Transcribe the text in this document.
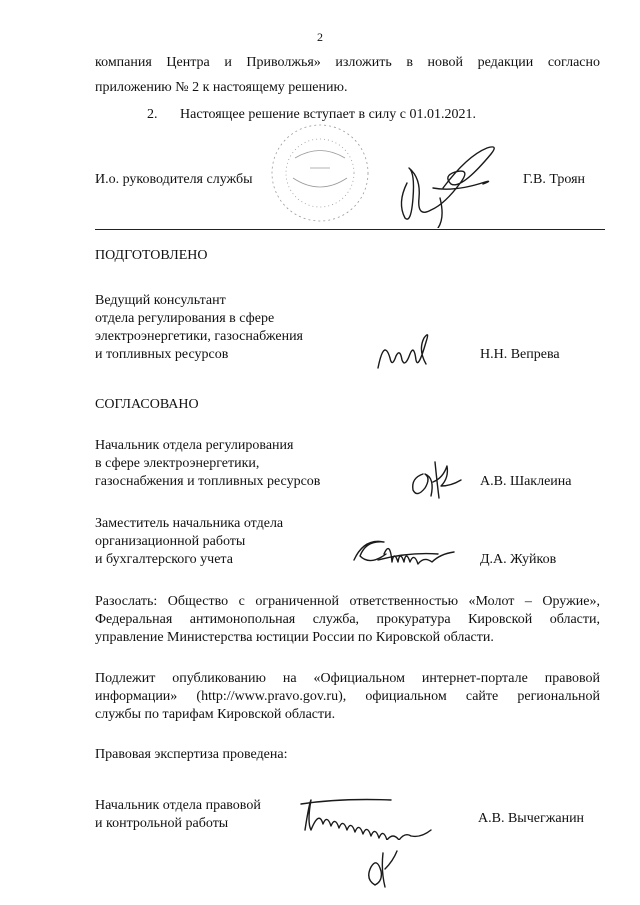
2
компания Центра и Приволжья» изложить в новой редакции согласно
приложению № 2 к настоящему решению.
2. Настоящее решение вступает в силу с 01.01.2021.
И.о. руководителя службы	Г.В. Троян
ПОДГОТОВЛЕНО
Ведущий консультант
отдела регулирования в сфере
электроэнергетики, газоснабжения
и топливных ресурсов	Н.Н. Вепрева
СОГЛАСОВАНО
Начальник отдела регулирования
в сфере электроэнергетики,
газоснабжения и топливных ресурсов	А.В. Шаклеина
Заместитель начальника отдела
организационной работы
и бухгалтерского учета	Д.А. Жуйков
Разослать: Общество с ограниченной ответственностью «Молот – Оружие»,
Федеральная антимонопольная служба, прокуратура Кировской области,
управление Министерства юстиции России по Кировской области.
Подлежит опубликованию на «Официальном интернет-портале правовой
информации» (http://www.pravo.gov.ru), официальном сайте региональной
службы по тарифам Кировской области.
Правовая экспертиза проведена:
Начальник отдела правовой
и контрольной работы	А.В. Вычегжанин
